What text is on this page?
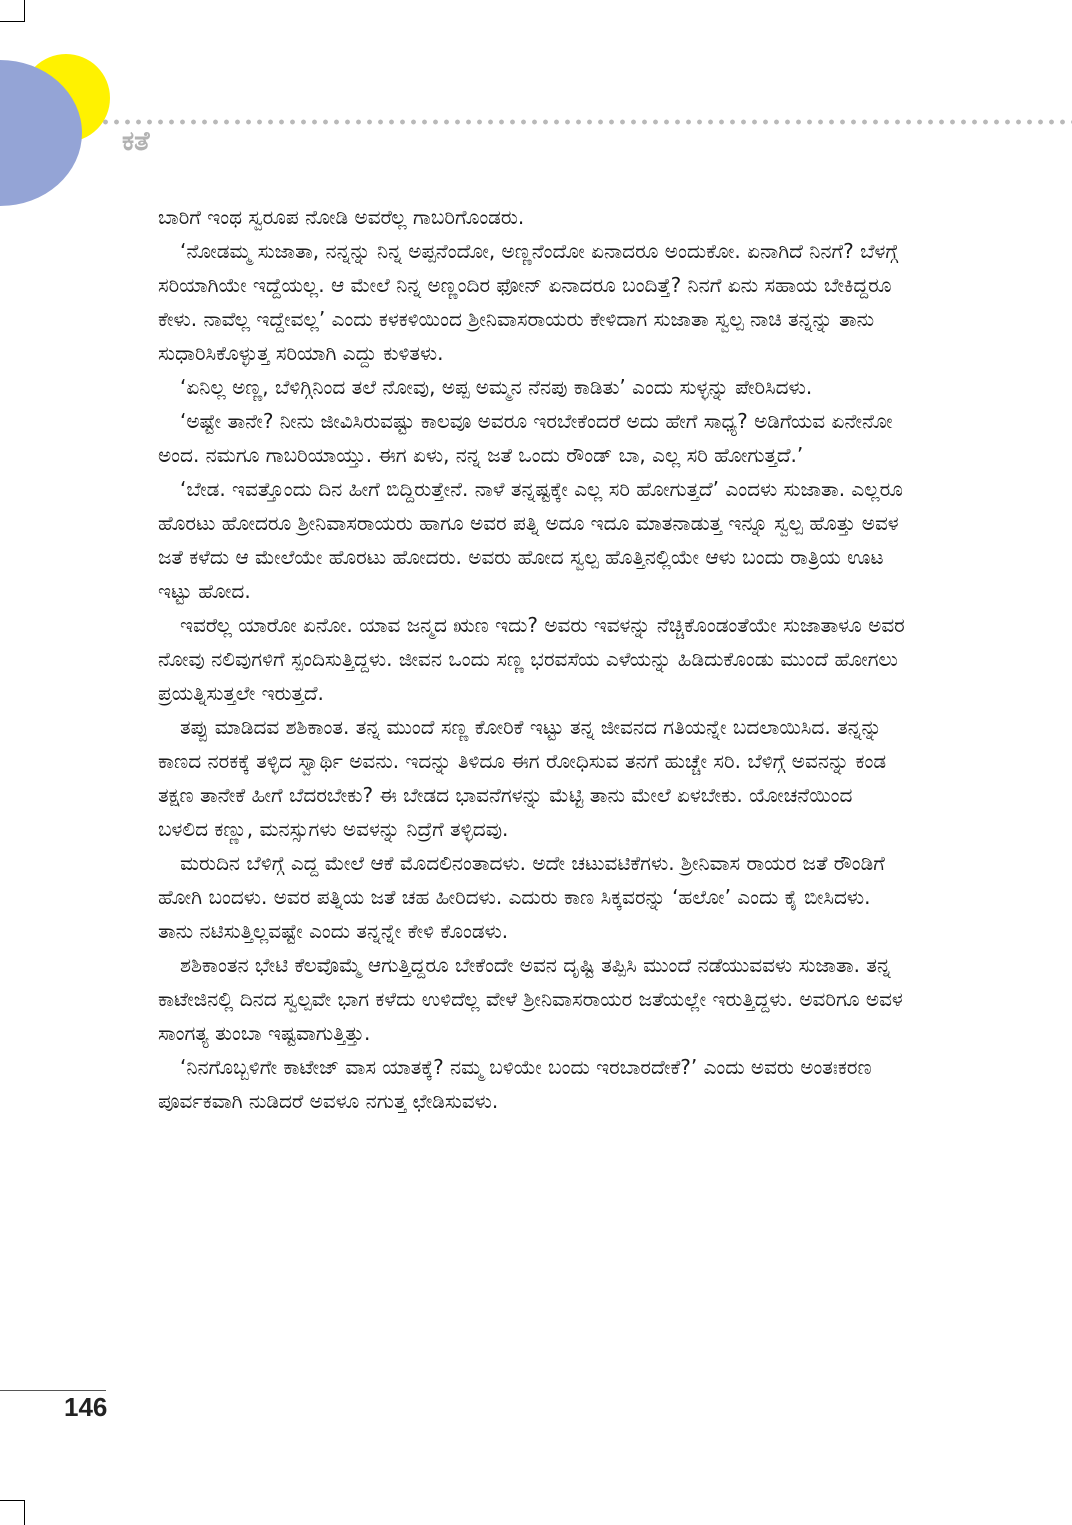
ಕತೆ

ಬಾರಿಗೆ ಇಂಥ ಸ್ವರೂಪ ನೋಡಿ ಅವರೆಲ್ಲ ಗಾಬರಿಗೊಂಡರು.

‘ನೋಡಮ್ಮ ಸುಜಾತಾ, ನನ್ನನ್ನು ನಿನ್ನ ಅಪ್ಪನೆಂದೋ, ಅಣ್ಣನೆಂದೋ ಏನಾದರೂ ಅಂದುಕೋ. ಏನಾಗಿದೆ ನಿನಗೆ? ಬೆಳಗ್ಗೆ ಸರಿಯಾಗಿಯೇ ಇದ್ದೆಯಲ್ಲ. ಆ ಮೇಲೆ ನಿನ್ನ ಅಣ್ಣಂದಿರ ಫೋನ್ ಏನಾದರೂ ಬಂದಿತ್ತೆ? ನಿನಗೆ ಏನು ಸಹಾಯ ಬೇಕಿದ್ದರೂ ಕೇಳು. ನಾವೆಲ್ಲ ಇದ್ದೇವಲ್ಲ’ ಎಂದು ಕಳಕಳಿಯಿಂದ ಶ್ರೀನಿವಾಸರಾಯರು ಕೇಳಿದಾಗ ಸುಜಾತಾ ಸ್ವಲ್ಪ ನಾಚಿ ತನ್ನನ್ನು ತಾನು ಸುಧಾರಿಸಿಕೊಳ್ಳುತ್ತ ಸರಿಯಾಗಿ ಎದ್ದು ಕುಳಿತಳು.

‘ಏನಿಲ್ಲ ಅಣ್ಣ, ಬೆಳಿಗ್ಗಿನಿಂದ ತಲೆ ನೋವು, ಅಪ್ಪ ಅಮ್ಮನ ನೆನಪು ಕಾಡಿತು’ ಎಂದು ಸುಳ್ಳನ್ನು ಪೇರಿಸಿದಳು.

‘ಅಷ್ಟೇ ತಾನೇ? ನೀನು ಜೀವಿಸಿರುವಷ್ಟು ಕಾಲವೂ ಅವರೂ ಇರಬೇಕೆಂದರೆ ಅದು ಹೇಗೆ ಸಾಧ್ಯ? ಅಡಿಗೆಯವ ಏನೇನೋ ಅಂದ. ನಮಗೂ ಗಾಬರಿಯಾಯ್ತು. ಈಗ ಏಳು, ನನ್ನ ಜತೆ ಒಂದು ರೌಂಡ್ ಬಾ, ಎಲ್ಲ ಸರಿ ಹೋಗುತ್ತದೆ.’

‘ಬೇಡ. ಇವತ್ತೊಂದು ದಿನ ಹೀಗೆ ಬಿದ್ದಿರುತ್ತೇನೆ. ನಾಳೆ ತನ್ನಷ್ಟಕ್ಕೇ ಎಲ್ಲ ಸರಿ ಹೋಗುತ್ತದೆ’ ಎಂದಳು ಸುಜಾತಾ. ಎಲ್ಲರೂ ಹೊರಟು ಹೋದರೂ ಶ್ರೀನಿವಾಸರಾಯರು ಹಾಗೂ ಅವರ ಪತ್ನಿ ಅದೂ ಇದೂ ಮಾತನಾಡುತ್ತ ಇನ್ನೂ ಸ್ವಲ್ಪ ಹೊತ್ತು ಅವಳ ಜತೆ ಕಳೆದು ಆ ಮೇಲೆಯೇ ಹೊರಟು ಹೋದರು. ಅವರು ಹೋದ ಸ್ವಲ್ಪ ಹೊತ್ತಿನಲ್ಲಿಯೇ ಆಳು ಬಂದು ರಾತ್ರಿಯ ಊಟ ಇಟ್ಟು ಹೋದ.

ಇವರೆಲ್ಲ ಯಾರೋ ಏನೋ. ಯಾವ ಜನ್ಮದ ಋಣ ಇದು? ಅವರು ಇವಳನ್ನು ನೆಚ್ಚಿಕೊಂಡಂತೆಯೇ ಸುಜಾತಾಳೂ ಅವರ ನೋವು ನಲಿವುಗಳಿಗೆ ಸ್ಪಂದಿಸುತ್ತಿದ್ದಳು. ಜೀವನ ಒಂದು ಸಣ್ಣ ಭರವಸೆಯ ಎಳೆಯನ್ನು ಹಿಡಿದುಕೊಂಡು ಮುಂದೆ ಹೋಗಲು ಪ್ರಯತ್ನಿಸುತ್ತಲೇ ಇರುತ್ತದೆ.

ತಪ್ಪು ಮಾಡಿದವ ಶಶಿಕಾಂತ. ತನ್ನ ಮುಂದೆ ಸಣ್ಣ ಕೋರಿಕೆ ಇಟ್ಟು ತನ್ನ ಜೀವನದ ಗತಿಯನ್ನೇ ಬದಲಾಯಿಸಿದ. ತನ್ನನ್ನು ಕಾಣದ ನರಕಕ್ಕೆ ತಳ್ಳಿದ ಸ್ವಾರ್ಥಿ ಅವನು. ಇದನ್ನು ತಿಳಿದೂ ಈಗ ರೋಧಿಸುವ ತನಗೆ ಹುಚ್ಚೇ ಸರಿ. ಬೆಳಿಗ್ಗೆ ಅವನನ್ನು ಕಂಡ ತಕ್ಷಣ ತಾನೇಕೆ ಹೀಗೆ ಬೆದರಬೇಕು? ಈ ಬೇಡದ ಭಾವನೆಗಳನ್ನು ಮೆಟ್ಟಿ ತಾನು ಮೇಲೆ ಏಳಬೇಕು. ಯೋಚನೆಯಿಂದ ಬಳಲಿದ ಕಣ್ಣು, ಮನಸ್ಸುಗಳು ಅವಳನ್ನು ನಿದ್ರೆಗೆ ತಳ್ಳಿದವು.

ಮರುದಿನ ಬೆಳಿಗ್ಗೆ ಎದ್ದ ಮೇಲೆ ಆಕೆ ಮೊದಲಿನಂತಾದಳು. ಅದೇ ಚಟುವಟಿಕೆಗಳು. ಶ್ರೀನಿವಾಸ ರಾಯರ ಜತೆ ರೌಂಡಿಗೆ ಹೋಗಿ ಬಂದಳು. ಅವರ ಪತ್ನಿಯ ಜತೆ ಚಹ ಹೀರಿದಳು. ಎದುರು ಕಾಣ ಸಿಕ್ಕವರನ್ನು ‘ಹಲೋ’ ಎಂದು ಕೈ ಬೀಸಿದಳು. ತಾನು ನಟಿಸುತ್ತಿಲ್ಲವಷ್ಟೇ ಎಂದು ತನ್ನನ್ನೇ ಕೇಳಿ ಕೊಂಡಳು.

ಶಶಿಕಾಂತನ ಭೇಟಿ ಕೆಲವೊಮ್ಮೆ ಆಗುತ್ತಿದ್ದರೂ ಬೇಕೆಂದೇ ಅವನ ದೃಷ್ಟಿ ತಪ್ಪಿಸಿ ಮುಂದೆ ನಡೆಯುವವಳು ಸುಜಾತಾ. ತನ್ನ ಕಾಟೇಜಿನಲ್ಲಿ ದಿನದ ಸ್ವಲ್ಪವೇ ಭಾಗ ಕಳೆದು ಉಳಿದೆಲ್ಲ ವೇಳೆ ಶ್ರೀನಿವಾಸರಾಯರ ಜತೆಯಲ್ಲೇ ಇರುತ್ತಿದ್ದಳು. ಅವರಿಗೂ ಅವಳ ಸಾಂಗತ್ಯ ತುಂಬಾ ಇಷ್ಟವಾಗುತ್ತಿತ್ತು.

‘ನಿನಗೊಬ್ಬಳಿಗೇ ಕಾಟೇಜ್ ವಾಸ ಯಾತಕ್ಕೆ? ನಮ್ಮ ಬಳಿಯೇ ಬಂದು ಇರಬಾರದೇಕೆ?’ ಎಂದು ಅವರು ಅಂತಃಕರಣ ಪೂರ್ವಕವಾಗಿ ನುಡಿದರೆ ಅವಳೂ ನಗುತ್ತ ಛೇಡಿಸುವಳು.

146
